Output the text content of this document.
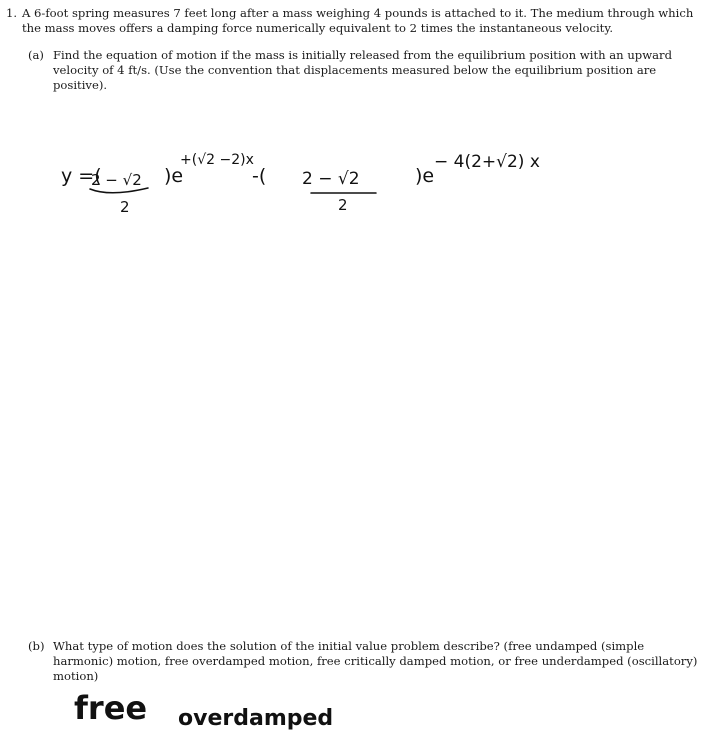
1. A 6-foot spring measures 7 feet long after a mass weighing 4 pounds is attached to it. The medium through which the mass moves offers a damping force numerically equivalent to 2 times the instantaneous velocity.
(a) Find the equation of motion if the mass is initially released from the equilibrium position with an upward velocity of 4 ft/s. (Use the convention that displacements measured below the equilibrium position are positive).
y =(
2 − √2
2
)e
+(√2 −2)x
-( 2 − √2
2
)e
− 4(2+√2) x
(b) What type of motion does the solution of the initial value problem describe? (free undamped (simple harmonic) motion, free overdamped motion, free critically damped motion, or free underdamped (oscillatory) motion)
free overdamped
